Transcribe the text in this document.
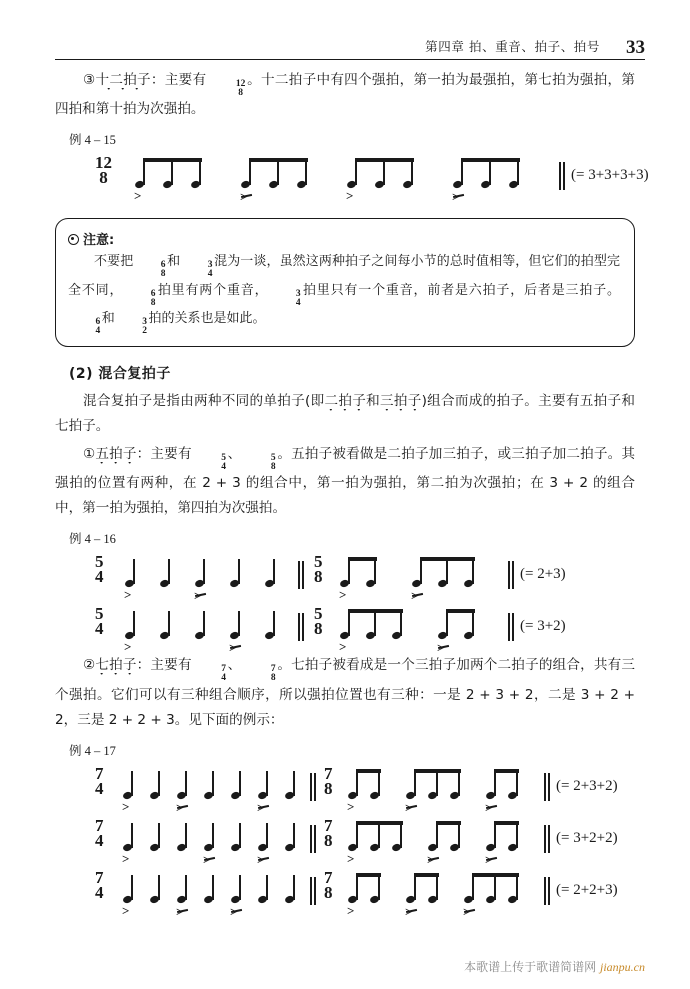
第四章 拍、重音、拍子、拍号 33

③十二拍子：主要有	12
8
。十二拍子中有四个强拍，第一拍为最强拍，第七拍为强拍，第四拍和第十拍为次强拍。

例 4 – 15
12
8
>
>
>
>	(= 3+3+3+3)
注意:

不要把	6
8
和	3
4
混为一谈，虽然这两种拍子之间每小节的总时值相等，但它们的拍型完全不同，	6
8
拍里有两个重音，	3
4
拍里只有一个重音，前者是六拍子，后者是三拍子。
6
4
和	3
2
拍的关系也是如此。

(2) 混合复拍子

混合复拍子是指由两种不同的单拍子(即二拍子和三拍子)组合而成的拍子。主要有五拍子和七拍子。

①五拍子：主要有	5
4
、	5
8
。五拍子被看做是二拍子加三拍子，或三拍子加二拍子。其强拍的位置有两种，在 2 + 3 的组合中，第一拍为强拍，第二拍为次强拍；在 3 + 2 的组合中，第一拍为强拍，第四拍为次强拍。

例 4 – 16
5
4
>
>
5
8
>
>	(= 2+3)
5
4
>
>
5
8
>
>	(= 3+2)

②七拍子：主要有	7
4
、	7
8
。七拍子被看成是一个三拍子加两个二拍子的组合，共有三个强拍。它们可以有三种组合顺序，所以强拍位置也有三种：一是 2 + 3 + 2，二是 3 + 2 + 2，三是 2 + 2 + 3。见下面的例示：

例 4 – 17
7
4
>
>
>
7
8
>
>
>	(= 2+3+2)
7
4
>
>
>
7
8
>
>
>	(= 3+2+2)
7
4
>
>
>
7
8
>
>
>	(= 2+2+3)
本歌谱上传于歌谱简谱网 jianpu.cn
